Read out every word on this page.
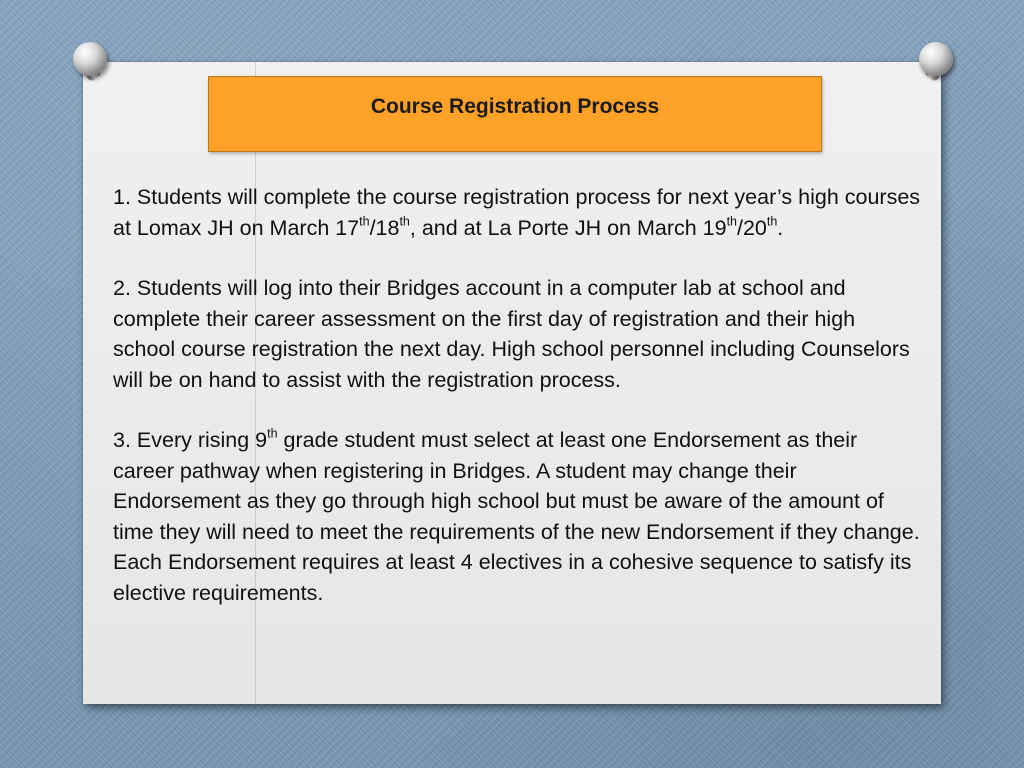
Course Registration Process

1. Students will complete the course registration process for next year’s high courses at Lomax JH on March 17th/18th, and at La Porte JH on March 19th/20th.

2. Students will log into their Bridges account in a computer lab at school and complete their career assessment on the first day of registration and their high school course registration the next day. High school personnel including Counselors will be on hand to assist with the registration process.

3. Every rising 9th grade student must select at least one Endorsement as their career pathway when registering in Bridges. A student may change their Endorsement as they go through high school but must be aware of the amount of time they will need to meet the requirements of the new Endorsement if they change. Each Endorsement requires at least 4 electives in a cohesive sequence to satisfy its elective requirements.
